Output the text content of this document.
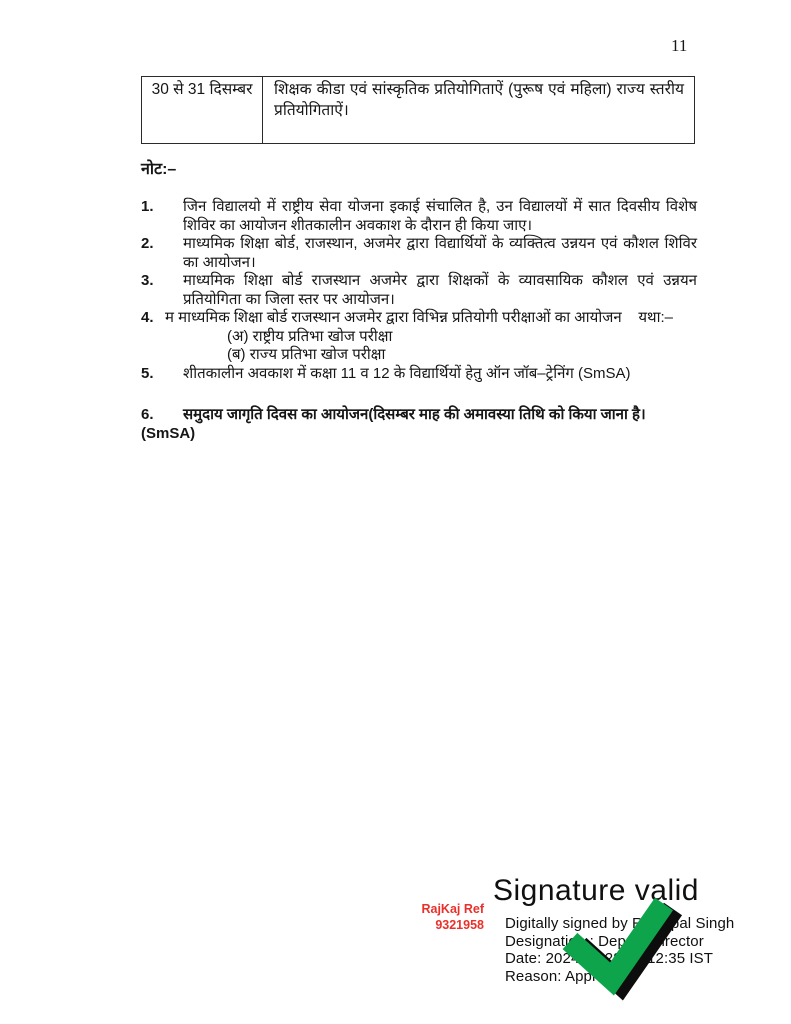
11
30 से 31 दिसम्बर	शिक्षक कीडा एवं सांस्कृतिक प्रतियोगिताऐं (पुरूष एवं महिला) राज्य स्तरीय प्रतियोगिताऐं।
नोट:–
1.	जिन विद्यालयो में राष्ट्रीय सेवा योजना इकाई संचालित है, उन विद्यालयों में सात दिवसीय विशेष शिविर का आयोजन शीतकालीन अवकाश के दौरान ही किया जाए।
2.	माध्यमिक शिक्षा बोर्ड, राजस्थान, अजमेर द्वारा विद्यार्थियों के व्यक्तित्व उन्नयन एवं कौशल शिविर का आयोजन।
3.	माध्यमिक शिक्षा बोर्ड राजस्थान अजमेर द्वारा शिक्षकों के व्यावसायिक कौशल एवं उन्नयन प्रतियोगिता का जिला स्तर पर आयोजन।
4. म माध्यमिक शिक्षा बोर्ड राजस्थान अजमेर द्वारा विभिन्न प्रतियोगी परीक्षाओं का आयोजन    यथा:–
(अ) राष्ट्रीय प्रतिभा खोज परीक्षा
(ब) राज्य प्रतिभा खोज परीक्षा
5.	शीतकालीन अवकाश में कक्षा 11 व 12 के विद्यार्थियों हेतु ऑन जॉब–ट्रेनिंग (SmSA)
6.	समुदाय जागृति दिवस का आयोजन(दिसम्बर माह की अमावस्या तिथि को किया जाना है।
(SmSA)
RajKaj Ref
9321958
Signature valid
Digitally signed by Richhpal Singh
Designation : Deputy Director
Date: 2024.07.28 17:12:35 IST
Reason: Approved
